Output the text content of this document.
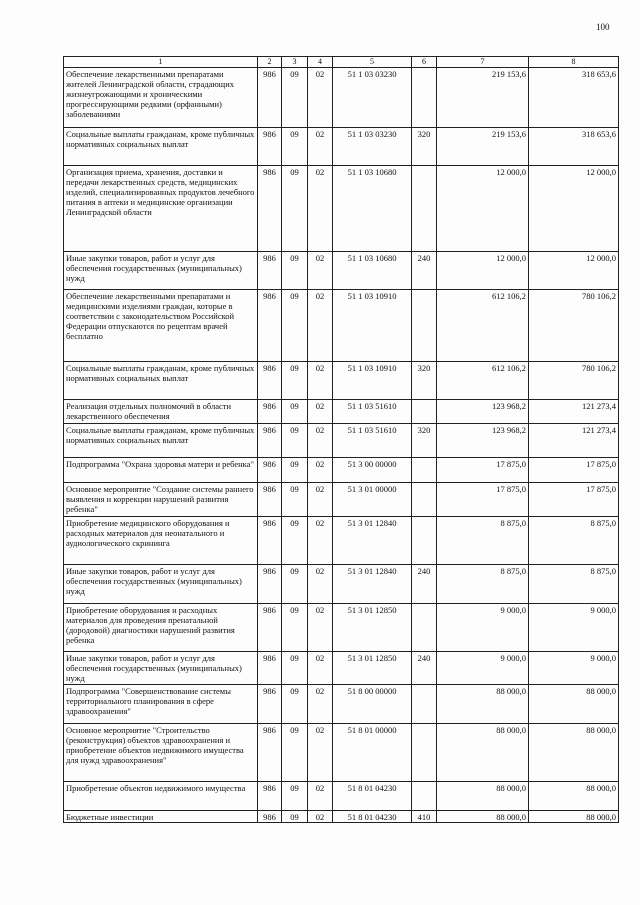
100
1	2	3	4	5	6	7	8
Обеспечение лекарственными препаратами жителей Ленинградской области, страдающих жизнеугрожающими и хроническими прогрессирующими редкими (орфанными) заболеваниями	986	09	02	51 1 03 03230		219 153,6	318 653,6
Социальные выплаты гражданам, кроме публичных нормативных социальных выплат	986	09	02	51 1 03 03230	320	219 153,6	318 653,6
Организация приема, хранения, доставки и передачи лекарственных средств, медицинских изделий, специализированных продуктов лечебного питания в аптеки и медицинские организации Ленинградской области	986	09	02	51 1 03 10680		12 000,0	12 000,0
Иные закупки товаров, работ и услуг для обеспечения государственных (муниципальных) нужд	986	09	02	51 1 03 10680	240	12 000,0	12 000,0
Обеспечение лекарственными препаратами и медицинскими изделиями граждан, которые в соответствии с законодательством Российской Федерации отпускаются по рецептам врачей бесплатно	986	09	02	51 1 03 10910		612 106,2	780 106,2
Социальные выплаты гражданам, кроме публичных нормативных социальных выплат	986	09	02	51 1 03 10910	320	612 106,2	780 106,2
Реализация отдельных полномочий в области лекарственного обеспечения	986	09	02	51 1 03 51610		123 968,2	121 273,4
Социальные выплаты гражданам, кроме публичных нормативных социальных выплат	986	09	02	51 1 03 51610	320	123 968,2	121 273,4
Подпрограмма "Охрана здоровья матери и ребенка"	986	09	02	51 3 00 00000		17 875,0	17 875,0
Основное мероприятие "Создание системы раннего выявления и коррекции нарушений развития ребенка"	986	09	02	51 3 01 00000		17 875,0	17 875,0
Приобретение медицинского оборудования и расходных материалов для неонатального и аудиологического скрининга	986	09	02	51 3 01 12840		8 875,0	8 875,0
Иные закупки товаров, работ и услуг для обеспечения государственных (муниципальных) нужд	986	09	02	51 3 01 12840	240	8 875,0	8 875,0
Приобретение оборудования и расходных материалов для проведения пренатальной (дородовой) диагностики нарушений развития ребенка	986	09	02	51 3 01 12850		9 000,0	9 000,0
Иные закупки товаров, работ и услуг для обеспечения государственных (муниципальных) нужд	986	09	02	51 3 01 12850	240	9 000,0	9 000,0
Подпрограмма "Совершенствование системы территориального планирования в сфере здравоохранения"	986	09	02	51 8 00 00000		88 000,0	88 000,0
Основное мероприятие "Строительство (реконструкция) объектов здравоохранения и приобретение объектов недвижимого имущества для нужд здравоохранения"	986	09	02	51 8 01 00000		88 000,0	88 000,0
Приобретение объектов недвижимого имущества	986	09	02	51 8 01 04230		88 000,0	88 000,0
Бюджетные инвестиции	986	09	02	51 8 01 04230	410	88 000,0	88 000,0
